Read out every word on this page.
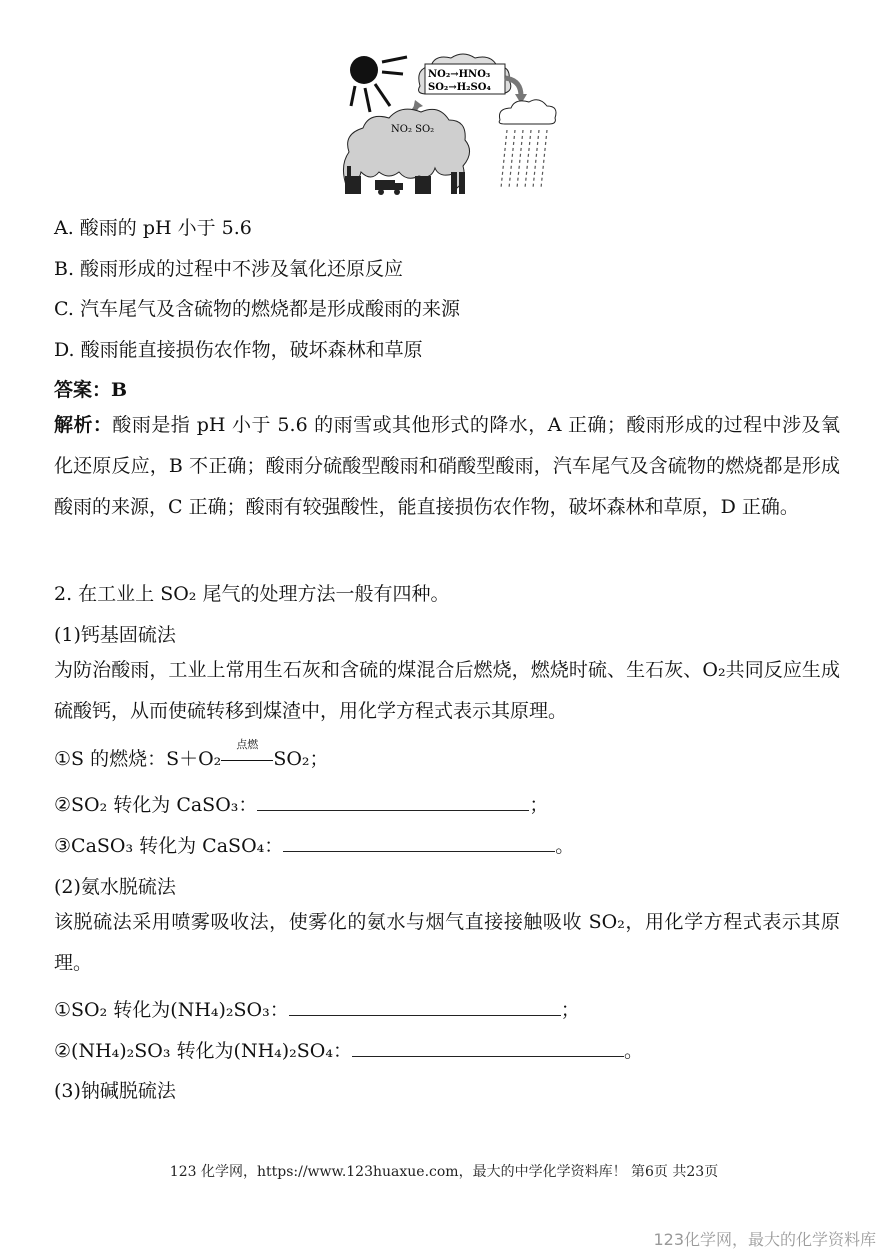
NO₂→HNO₃
SO₂→H₂SO₄
NO₂ SO₂
A. 酸雨的 pH 小于 5.6
B. 酸雨形成的过程中不涉及氧化还原反应
C. 汽车尾气及含硫物的燃烧都是形成酸雨的来源
D. 酸雨能直接损伤农作物，破坏森林和草原
答案：B
解析：酸雨是指 pH 小于 5.6 的雨雪或其他形式的降水，A 正确；酸雨形成的过程中涉及氧化还原反应，B 不正确；酸雨分硫酸型酸雨和硝酸型酸雨，汽车尾气及含硫物的燃烧都是形成酸雨的来源，C 正确；酸雨有较强酸性，能直接损伤农作物，破坏森林和草原，D 正确。
2. 在工业上 SO₂ 尾气的处理方法一般有四种。
(1)钙基固硫法
为防治酸雨，工业上常用生石灰和含硫的煤混合后燃烧，燃烧时硫、生石灰、O₂共同反应生成硫酸钙，从而使硫转移到煤渣中，用化学方程式表示其原理。
①S 的燃烧：S＋O₂
点燃
SO₂；
②SO₂ 转化为 CaSO₃：	；
③CaSO₃ 转化为 CaSO₄：	。
(2)氨水脱硫法
该脱硫法采用喷雾吸收法，使雾化的氨水与烟气直接接触吸收 SO₂，用化学方程式表示其原理。
①SO₂ 转化为(NH₄)₂SO₃：	；
②(NH₄)₂SO₃ 转化为(NH₄)₂SO₄：	。
(3)钠碱脱硫法
123 化学网，https://www.123huaxue.com，最大的中学化学资料库！ 第6页 共23页
123化学网，最大的化学资料库
